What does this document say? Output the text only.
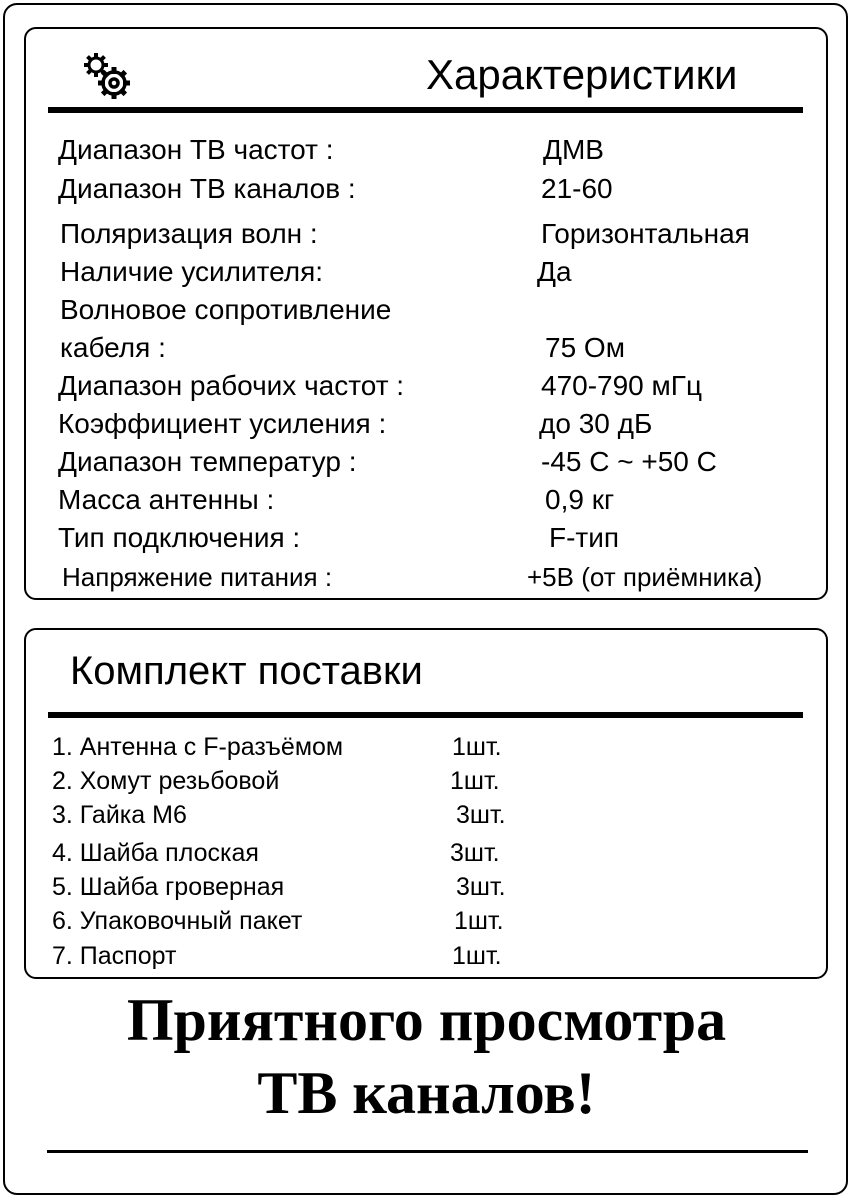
Характеристики
Диапазон ТВ частот :	ДМВ
Диапазон ТВ каналов :	21-60
Поляризация волн :	Горизонтальная
Наличие усилителя:	Да
Волновое сопротивление
кабеля :	75 Ом
Диапазон рабочих частот :	470-790 мГц
Коэффициент усиления :	до 30 дБ
Диапазон температур :	-45 С ~ +50 С
Масса антенны :	0,9 кг
Тип подключения :	F-тип
Напряжение питания :	+5В (от приёмника)
Комплект поставки
1. Антенна с F-разъёмом	1шт.
2. Хомут резьбовой	1шт.
3. Гайка М6	3шт.
4. Шайба плоская	3шт.
5. Шайба гроверная	3шт.
6. Упаковочный пакет	1шт.
7. Паспорт	1шт.
Приятного просмотра
ТВ каналов!
